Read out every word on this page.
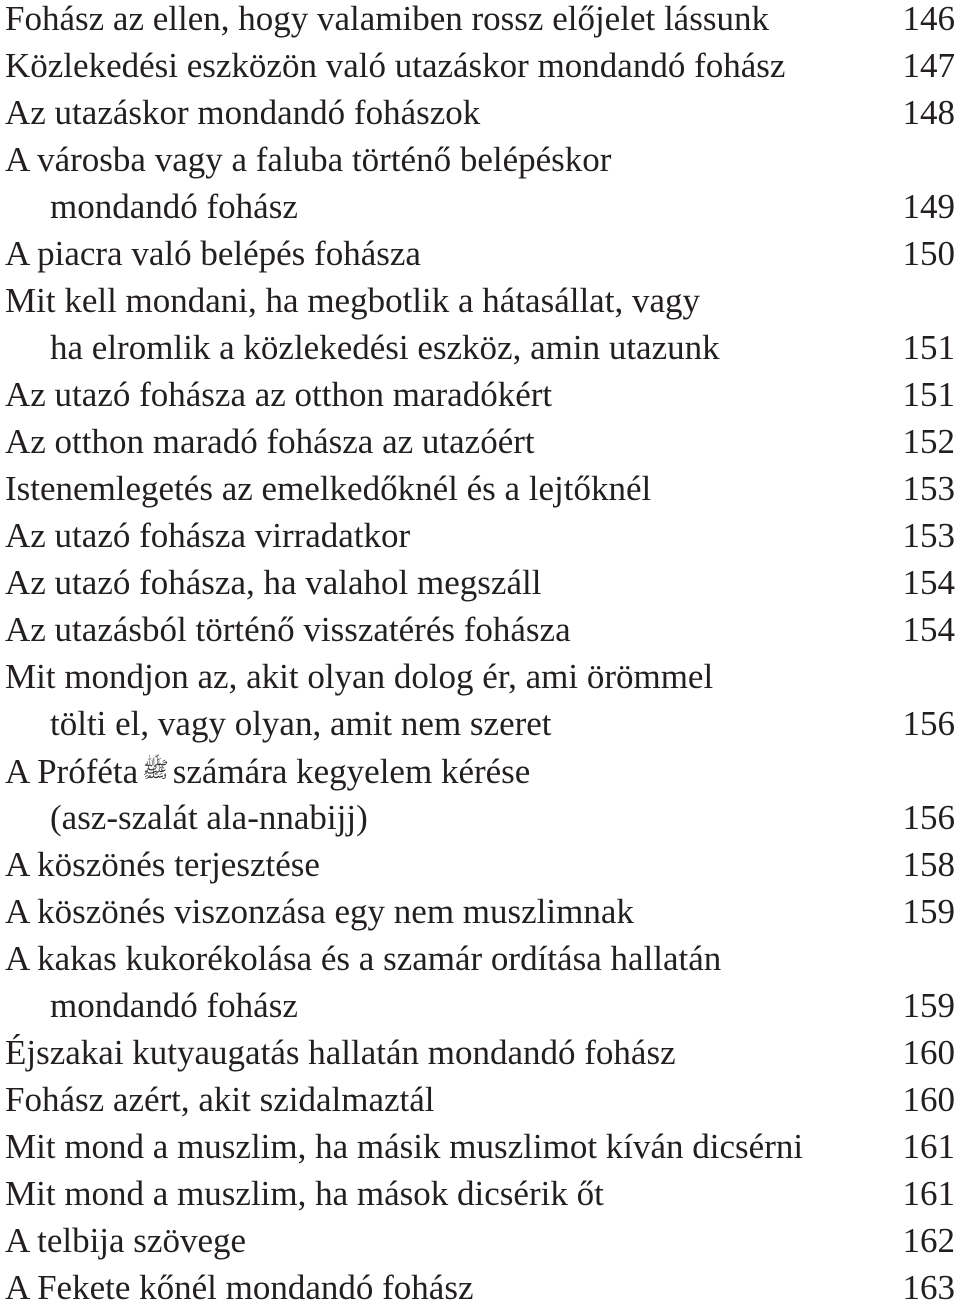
Fohász az ellen, hogy valamiben rossz előjelet lássunk	146
Közlekedési eszközön való utazáskor mondandó fohász	147
Az utazáskor mondandó fohászok	148
A városba vagy a faluba történő belépéskor
mondandó fohász	149
A piacra való belépés fohásza	150
Mit kell mondani, ha megbotlik a hátasállat, vagy
ha elromlik a közlekedési eszköz, amin utazunk	151
Az utazó fohásza az otthon maradókért	151
Az otthon maradó fohásza az utazóért	152
Istenemlegetés az emelkedőknél és a lejtőknél	153
Az utazó fohásza virradatkor	153
Az utazó fohásza, ha valahol megszáll	154
Az utazásból történő visszatérés fohásza	154
Mit mondjon az, akit olyan dolog ér, ami örömmel
tölti el, vagy olyan, amit nem szeret	156
A Próféta ﷺ számára kegyelem kérése
(asz-szalát ala-nnabijj)	156
A köszönés terjesztése	158
A köszönés viszonzása egy nem muszlimnak	159
A kakas kukorékolása és a szamár ordítása hallatán
mondandó fohász	159
Éjszakai kutyaugatás hallatán mondandó fohász	160
Fohász azért, akit szidalmaztál	160
Mit mond a muszlim, ha másik muszlimot kíván dicsérni	161
Mit mond a muszlim, ha mások dicsérik őt	161
A telbija szövege	162
A Fekete kőnél mondandó fohász	163
